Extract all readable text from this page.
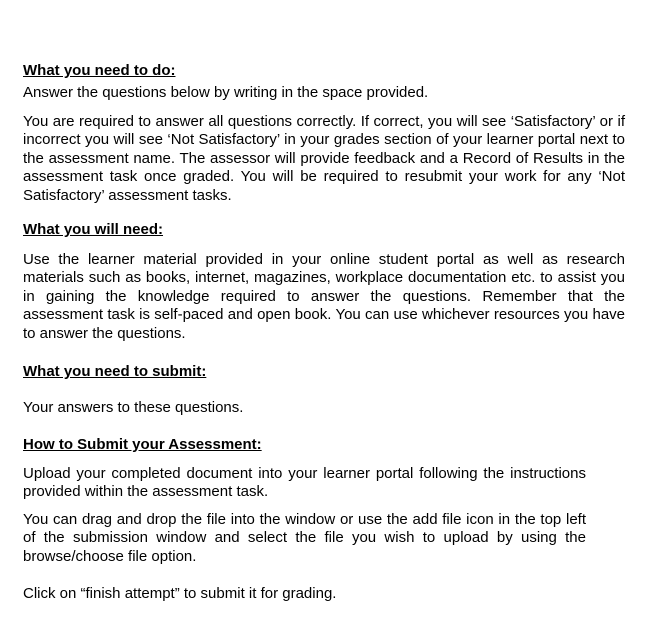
What you need to do:

Answer the questions below by writing in the space provided.

You are required to answer all questions correctly. If correct, you will see ‘Satisfactory’ or if incorrect you will see ‘Not Satisfactory’ in your grades section of your learner portal next to the assessment name. The assessor will provide feedback and a Record of Results in the assessment task once graded. You will be required to resubmit your work for any ‘Not Satisfactory’ assessment tasks.

What you will need:

Use the learner material provided in your online student portal as well as research materials such as books, internet, magazines, workplace documentation etc. to assist you in gaining the knowledge required to answer the questions. Remember that the assessment task is self-paced and open book. You can use whichever resources you have to answer the questions.

What you need to submit:

Your answers to these questions.

How to Submit your Assessment:

Upload your completed document into your learner portal following the instructions provided within the assessment task.

You can drag and drop the file into the window or use the add file icon in the top left of the submission window and select the file you wish to upload by using the browse/choose file option.

Click on “finish attempt” to submit it for grading.
